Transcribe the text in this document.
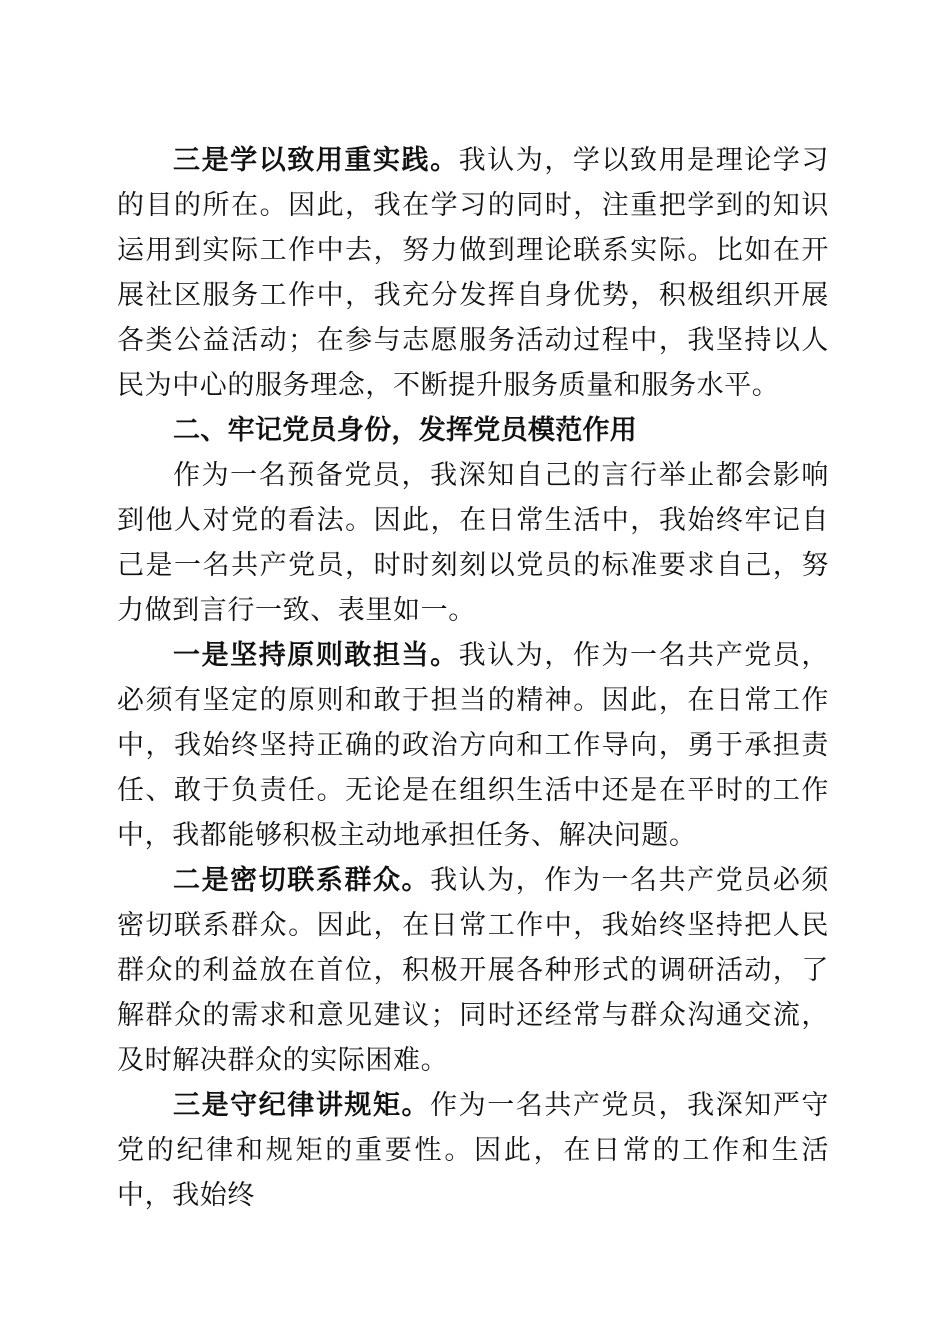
三是学以致用重实践。我认为，学以致用是理论学习的目的所在。因此，我在学习的同时，注重把学到的知识运用到实际工作中去，努力做到理论联系实际。比如在开展社区服务工作中，我充分发挥自身优势，积极组织开展各类公益活动；在参与志愿服务活动过程中，我坚持以人民为中心的服务理念，不断提升服务质量和服务水平。

二、牢记党员身份，发挥党员模范作用

作为一名预备党员，我深知自己的言行举止都会影响到他人对党的看法。因此，在日常生活中，我始终牢记自己是一名共产党员，时时刻刻以党员的标准要求自己，努力做到言行一致、表里如一。

一是坚持原则敢担当。我认为，作为一名共产党员，必须有坚定的原则和敢于担当的精神。因此，在日常工作中，我始终坚持正确的政治方向和工作导向，勇于承担责任、敢于负责任。无论是在组织生活中还是在平时的工作中，我都能够积极主动地承担任务、解决问题。

二是密切联系群众。我认为，作为一名共产党员必须密切联系群众。因此，在日常工作中，我始终坚持把人民群众的利益放在首位，积极开展各种形式的调研活动，了解群众的需求和意见建议；同时还经常与群众沟通交流，及时解决群众的实际困难。

三是守纪律讲规矩。作为一名共产党员，我深知严守党的纪律和规矩的重要性。因此，在日常的工作和生活中，我始终
